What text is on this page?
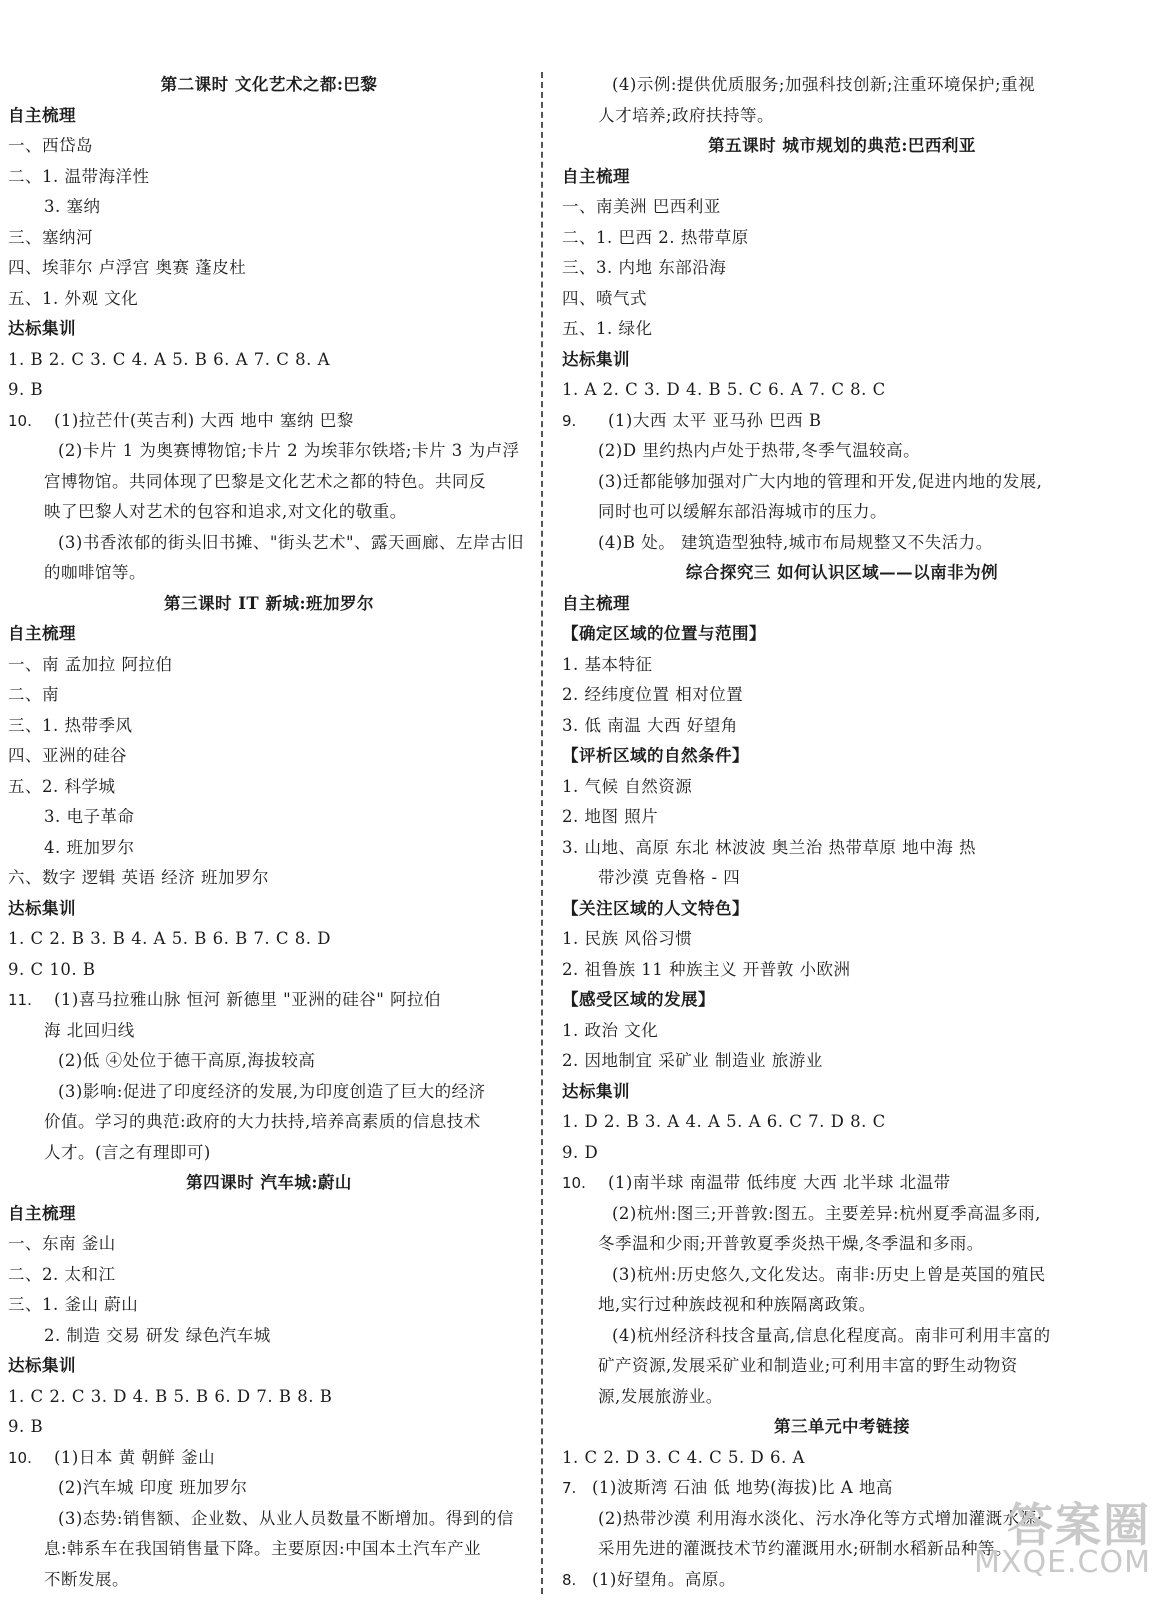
第二课时 文化艺术之都:巴黎
自主梳理
一、西岱岛
二、1. 温带海洋性
3. 塞纳
三、塞纳河
四、埃菲尔 卢浮宫 奥赛 蓬皮杜
五、1. 外观 文化
达标集训
1. B 2. C 3. C 4. A 5. B 6. A 7. C 8. A
9. B
10. (1)拉芒什(英吉利) 大西 地中 塞纳 巴黎
(2)卡片 1 为奥赛博物馆;卡片 2 为埃菲尔铁塔;卡片 3 为卢浮
宫博物馆。共同体现了巴黎是文化艺术之都的特色。共同反
映了巴黎人对艺术的包容和追求,对文化的敬重。
(3)书香浓郁的街头旧书摊、"街头艺术"、露天画廊、左岸古旧
的咖啡馆等。
第三课时 IT 新城:班加罗尔
自主梳理
一、南 孟加拉 阿拉伯
二、南
三、1. 热带季风
四、亚洲的硅谷
五、2. 科学城
3. 电子革命
4. 班加罗尔
六、数字 逻辑 英语 经济 班加罗尔
达标集训
1. C 2. B 3. B 4. A 5. B 6. B 7. C 8. D
9. C 10. B
11. (1)喜马拉雅山脉 恒河 新德里 "亚洲的硅谷" 阿拉伯
海 北回归线
(2)低 ④处位于德干高原,海拔较高
(3)影响:促进了印度经济的发展,为印度创造了巨大的经济
价值。学习的典范:政府的大力扶持,培养高素质的信息技术
人才。(言之有理即可)
第四课时 汽车城:蔚山
自主梳理
一、东南 釜山
二、2. 太和江
三、1. 釜山 蔚山
2. 制造 交易 研发 绿色汽车城
达标集训
1. C 2. C 3. D 4. B 5. B 6. D 7. B 8. B
9. B
10. (1)日本 黄 朝鲜 釜山
(2)汽车城 印度 班加罗尔
(3)态势:销售额、企业数、从业人员数量不断增加。得到的信
息:韩系车在我国销售量下降。主要原因:中国本土汽车产业
不断发展。
(4)示例:提供优质服务;加强科技创新;注重环境保护;重视
人才培养;政府扶持等。
第五课时 城市规划的典范:巴西利亚
自主梳理
一、南美洲 巴西利亚
二、1. 巴西 2. 热带草原
三、3. 内地 东部沿海
四、喷气式
五、1. 绿化
达标集训
1. A 2. C 3. D 4. B 5. C 6. A 7. C 8. C
9. (1)大西 太平 亚马孙 巴西 B
(2)D 里约热内卢处于热带,冬季气温较高。
(3)迁都能够加强对广大内地的管理和开发,促进内地的发展,
同时也可以缓解东部沿海城市的压力。
(4)B 处。 建筑造型独特,城市布局规整又不失活力。
综合探究三 如何认识区域——以南非为例
自主梳理
【确定区域的位置与范围】
1. 基本特征
2. 经纬度位置 相对位置
3. 低 南温 大西 好望角
【评析区域的自然条件】
1. 气候 自然资源
2. 地图 照片
3. 山地、高原 东北 林波波 奥兰治 热带草原 地中海 热
带沙漠 克鲁格 - 四
【关注区域的人文特色】
1. 民族 风俗习惯
2. 祖鲁族 11 种族主义 开普敦 小欧洲
【感受区域的发展】
1. 政治 文化
2. 因地制宜 采矿业 制造业 旅游业
达标集训
1. D 2. B 3. A 4. A 5. A 6. C 7. D 8. C
9. D
10. (1)南半球 南温带 低纬度 大西 北半球 北温带
(2)杭州:图三;开普敦:图五。主要差异:杭州夏季高温多雨,
冬季温和少雨;开普敦夏季炎热干燥,冬季温和多雨。
(3)杭州:历史悠久,文化发达。南非:历史上曾是英国的殖民
地,实行过种族歧视和种族隔离政策。
(4)杭州经济科技含量高,信息化程度高。南非可利用丰富的
矿产资源,发展采矿业和制造业;可利用丰富的野生动物资
源,发展旅游业。
第三单元中考链接
1. C 2. D 3. C 4. C 5. D 6. A
7. (1)波斯湾 石油 低 地势(海拔)比 A 地高
(2)热带沙漠 利用海水淡化、污水净化等方式增加灌溉水源;
采用先进的灌溉技术节约灌溉用水;研制水稻新品种等。
8. (1)好望角。高原。
答案圈
MXQE.COM
